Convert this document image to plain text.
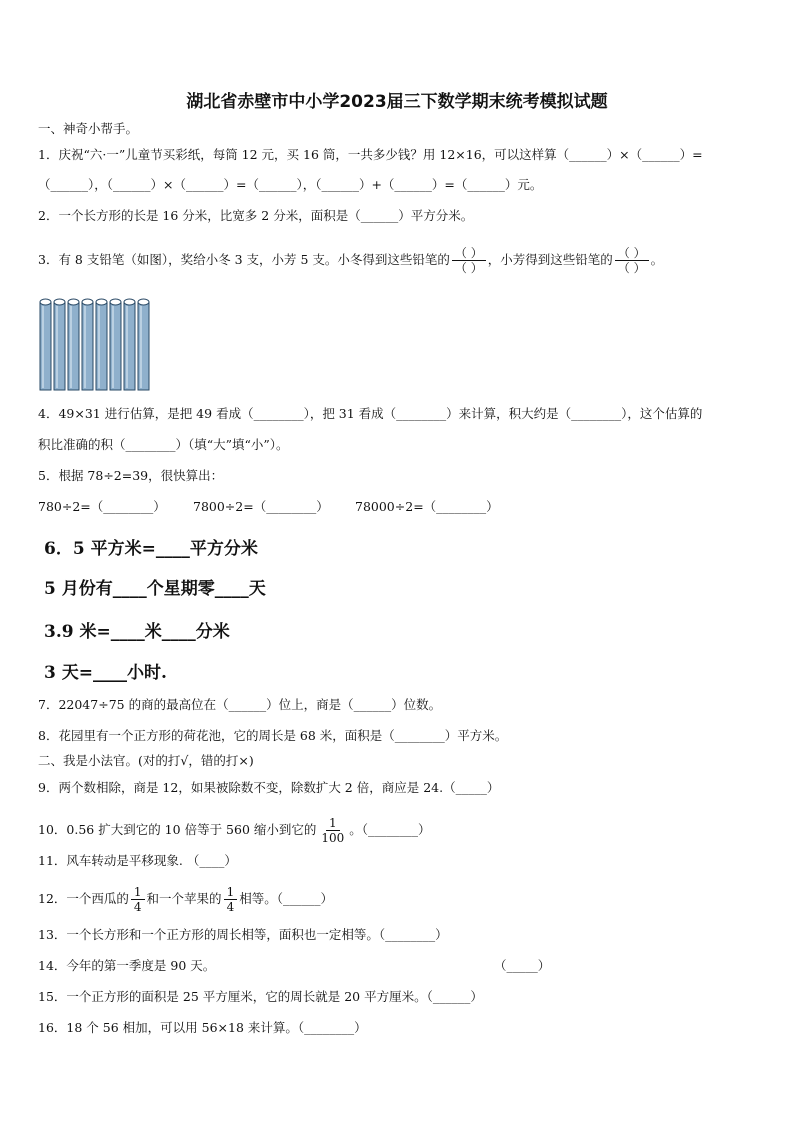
湖北省赤壁市中小学2023届三下数学期末统考模拟试题
一、神奇小帮手。
1．庆祝“六·一”儿童节买彩纸，每筒 12 元，买 16 筒，一共多少钱？用 12×16，可以这样算（______）×（______）=
（______），（______）×（______）=（______），（______）+（______）=（______）元。
2．一个长方形的长是 16 分米，比宽多 2 分米，面积是（______）平方分米。
3．有 8 支铅笔（如图），奖给小冬 3 支，小芳 5 支。小冬得到这些铅笔的 $\frac{( )}{( )}$ ，小芳得到这些铅笔的 $\frac{( )}{( )}$ 。
4．49×31 进行估算，是把 49 看成（________），把 31 看成（________）来计算，积大约是（________），这个估算的
积比准确的积（________）（填“大”填“小”）。
5．根据 78÷2=39，很快算出：
780÷2=（________） 7800÷2=（________） 78000÷2=（________）
6．5 平方米=____平方分米
5 月份有____个星期零____天
3.9 米=____米____分米
3 天=____小时.
7．22047÷75 的商的最高位在（______）位上，商是（______）位数。
8．花园里有一个正方形的荷花池，它的周长是 68 米，面积是（________）平方米。
二、我是小法官。(对的打√，错的打×)
9．两个数相除，商是 12，如果被除数不变，除数扩大 2 倍，商应是 24.（_____）
10．0.56 扩大到它的 10 倍等于 560 缩小到它的 $\frac{1}{100}$ 。（________）
11．风车转动是平移现象. （____）
12．一个西瓜的 $\frac{1}{4}$ 和一个苹果的 $\frac{1}{4}$ 相等。（______）
13．一个长方形和一个正方形的周长相等，面积也一定相等。（________）
14．今年的第一季度是 90 天。	（_____）
15．一个正方形的面积是 25 平方厘米，它的周长就是 20 平方厘米。（______）
16．18 个 56 相加，可以用 56×18 来计算。（________）
